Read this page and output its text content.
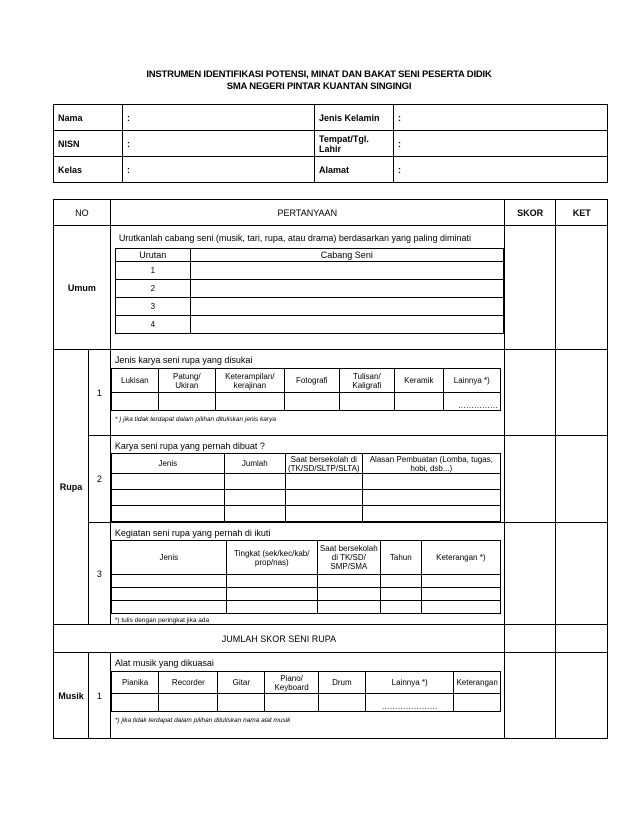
INSTRUMEN IDENTIFIKASI POTENSI, MINAT DAN BAKAT SENI PESERTA DIDIK
SMA NEGERI PINTAR KUANTAN SINGINGI
Nama	:	Jenis Kelamin	:
NISN	:	Tempat/Tgl. Lahir	:
Kelas	:	Alamat	:
NO	PERTANYAAN	SKOR	KET
Umum	
Urutkanlah cabang seni (musik, tari, rupa, atau drama) berdasarkan yang paling diminati
Urutan	Cabang Seni
1	
2	
3	
4	

Rupa	1	
Jenis karya seni rupa yang disukai
Lukisan	Patung/ Ukiran	Keterampilan/ kerajinan	Fotografi	Tulisan/ Kaligrafi	Keramik	Lainnya *)
						……………
* ) jika tidak terdapat dalam pilihan dituliskan jenis karya

2	
Karya seni rupa yang pernah dibuat ?
Jenis	Jumlah	Saat bersekolah di (TK/SD/SLTP/SLTA)	Alasan Pembuatan (Lomba, tugas, hobi, dsb...)

3	
Kegiatan seni rupa yang pernah di ikuti
Jenis	Tingkat (sek/kec/kab/ prop/nas)	Saat bersekolah di TK/SD/ SMP/SMA	Tahun	Keterangan *)

*) tulis dengan peringkat jika ada

JUMLAH SKOR SENI RUPA		
Musik	1	
Alat musik yang dikuasai
Pianika	Recorder	Gitar	Piano/ Keyboard	Drum	Lainnya *)	Keterangan
					…………………	
*) jika tidak terdapat dalam pilihan dituliskan nama alat musik
